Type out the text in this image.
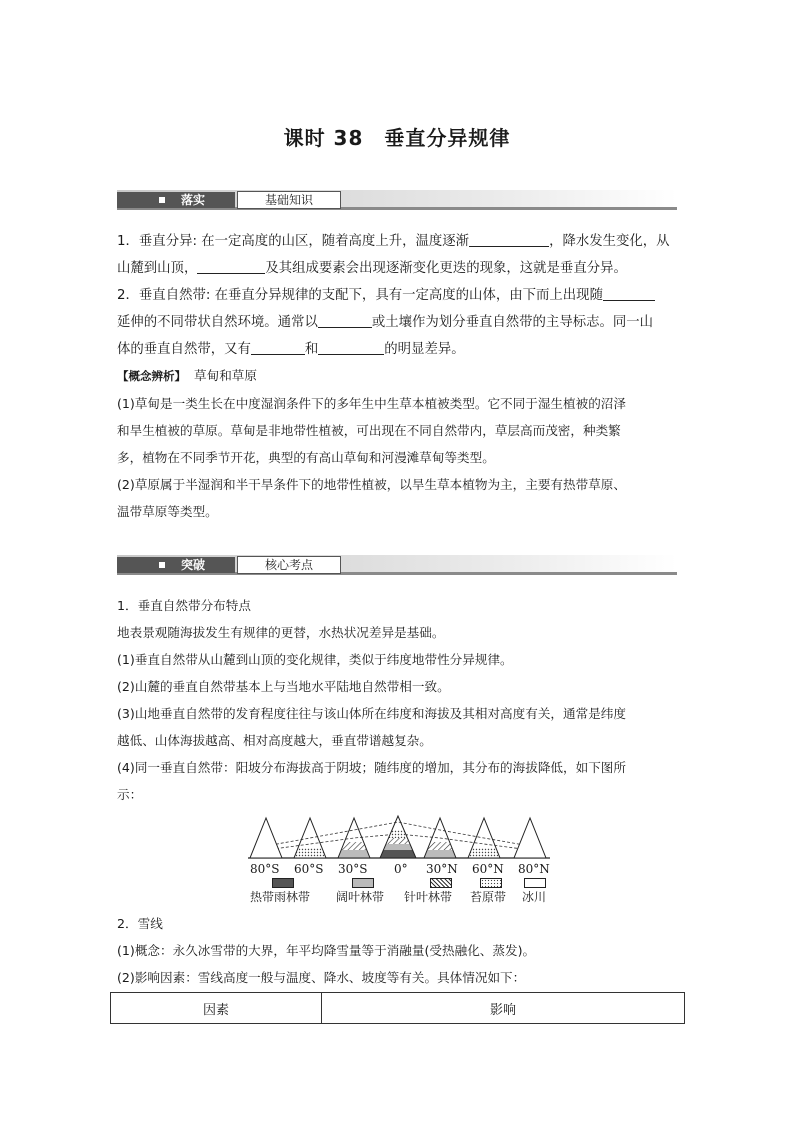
课时 38　垂直分异规律
落实	基础知识
1．垂直分异: 在一定高度的山区，随着高度上升，温度逐渐	，降水发生变化，从
山麓到山顶，	及其组成要素会出现逐渐变化更迭的现象，这就是垂直分异。
2．垂直自然带: 在垂直分异规律的支配下，具有一定高度的山体，由下而上出现随
延伸的不同带状自然环境。通常以	或土壤作为划分垂直自然带的主导标志。同一山
体的垂直自然带，又有	和	的明显差异。
【概念辨析】 草甸和草原
(1)草甸是一类生长在中度湿润条件下的多年生中生草本植被类型。它不同于湿生植被的沼泽
和旱生植被的草原。草甸是非地带性植被，可出现在不同自然带内，草层高而茂密，种类繁
多，植物在不同季节开花，典型的有高山草甸和河漫滩草甸等类型。
(2)草原属于半湿润和半干旱条件下的地带性植被，以旱生草本植物为主，主要有热带草原、
温带草原等类型。
突破	核心考点
1．垂直自然带分布特点
地表景观随海拔发生有规律的更替，水热状况差异是基础。
(1)垂直自然带从山麓到山顶的变化规律，类似于纬度地带性分异规律。
(2)山麓的垂直自然带基本上与当地水平陆地自然带相一致。
(3)山地垂直自然带的发育程度往往与该山体所在纬度和海拔及其相对高度有关，通常是纬度
越低、山体海拔越高、相对高度越大，垂直带谱越复杂。
(4)同一垂直自然带：阳坡分布海拔高于阴坡；随纬度的增加，其分布的海拔降低，如下图所
示：
80°S 60°S 30°S 0° 30°N 60°N 80°N
热带雨林带 阔叶林带 针叶林带 苔原带 冰川
2．雪线
(1)概念：永久冰雪带的大界，年平均降雪量等于消融量(受热融化、蒸发)。
(2)影响因素：雪线高度一般与温度、降水、坡度等有关。具体情况如下：
因素	影响
